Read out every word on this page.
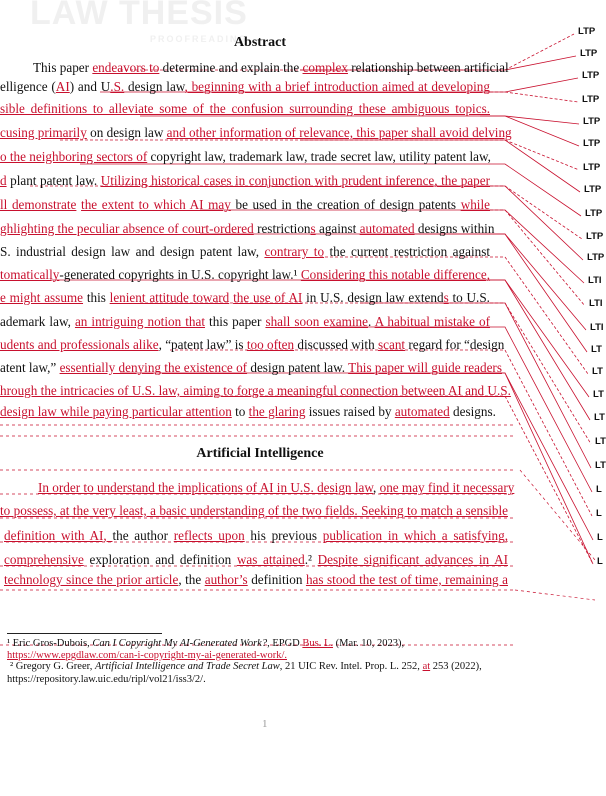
LAW THESIS
PROOFREADING
Abstract
Artificial Intelligence
This paper endeavors to determine and explain the complex relationship between artificial
elligence (AI) and U.S. design law, beginning with a brief introduction aimed at developing
sible definitions to alleviate some of the confusion surrounding these ambiguous topics.
cusing primarily on design law and other information of relevance, this paper shall avoid delving
o the neighboring sectors of copyright law, trademark law, trade secret law, utility patent law,
d plant patent law. Utilizing historical cases in conjunction with prudent inference, the paper
ll demonstrate the extent to which AI may be used in the creation of design patents while
ghlighting the peculiar absence of court-ordered restrictions against automated designs within
S. industrial design law and design patent law, contrary to the current restriction against
tomatically-generated copyrights in U.S. copyright law.¹ Considering this notable difference,
e might assume this lenient attitude toward the use of AI in U.S. design law extends to U.S.
ademark law, an intriguing notion that this paper shall soon examine. A habitual mistake of
udents and professionals alike, “patent law” is too often discussed with scant regard for “design
atent law,” essentially denying the existence of design patent law. This paper will guide readers
hrough the intricacies of U.S. law, aiming to forge a meaningful connection between AI and U.S.
design law while paying particular attention to the glaring issues raised by automated designs.
In order to understand the implications of AI in U.S. design law, one may find it necessary
to possess, at the very least, a basic understanding of the two fields. Seeking to match a sensible
definition with AI, the author reflects upon his previous publication in which a satisfying,
comprehensive exploration and definition was attained.² Despite significant advances in AI
technology since the prior article, the author’s definition has stood the test of time, remaining a
¹ Eric Gros-Dubois, Can I Copyright My AI-Generated Work?, EPGD Bus. L. (Mar. 10, 2023),
https://www.epgdlaw.com/can-i-copyright-my-ai-generated-work/.
² Gregory G. Greer, Artificial Intelligence and Trade Secret Law, 21 UIC Rev. Intel. Prop. L. 252, at 253 (2022),
https://repository.law.uic.edu/ripl/vol21/iss3/2/.
1
LTP
LTP
LTP
LTP
LTP
LTP
LTP
LTP
LTP
LTP
LTP
LTI
LTI
LTI
LT
LT
LT
LT
LT
LT
L
L
L
L
